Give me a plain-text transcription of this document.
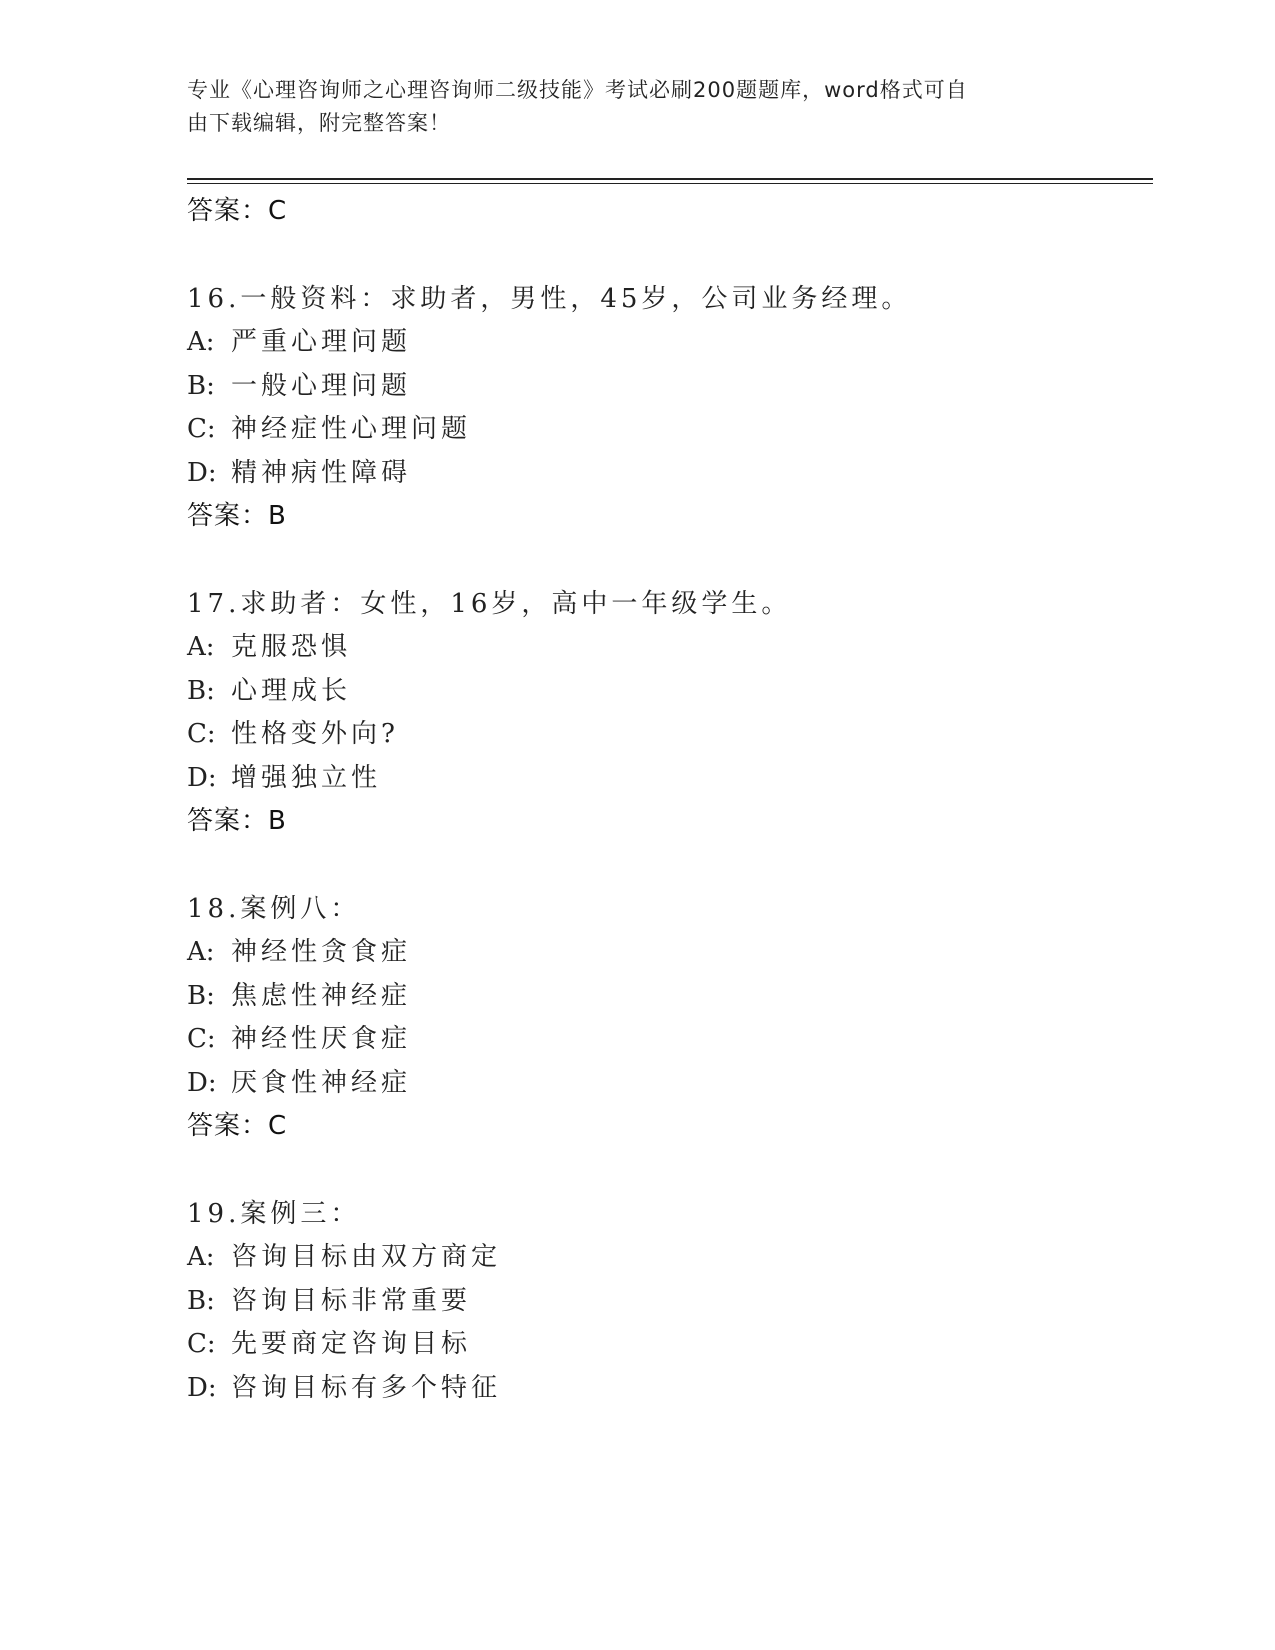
专业《心理咨询师之心理咨询师二级技能》考试必刷200题题库，word格式可自
由下载编辑，附完整答案！
答案：C
16.一般资料：求助者，男性，45岁，公司业务经理。
A: 严重心理问题
B: 一般心理问题
C: 神经症性心理问题
D: 精神病性障碍
答案：B
17.求助者：女性，16岁，高中一年级学生。
A: 克服恐惧
B: 心理成长
C: 性格变外向?
D: 增强独立性
答案：B
18.案例八：
A: 神经性贪食症
B: 焦虑性神经症
C: 神经性厌食症
D: 厌食性神经症
答案：C
19.案例三：
A: 咨询目标由双方商定
B: 咨询目标非常重要
C: 先要商定咨询目标
D: 咨询目标有多个特征
